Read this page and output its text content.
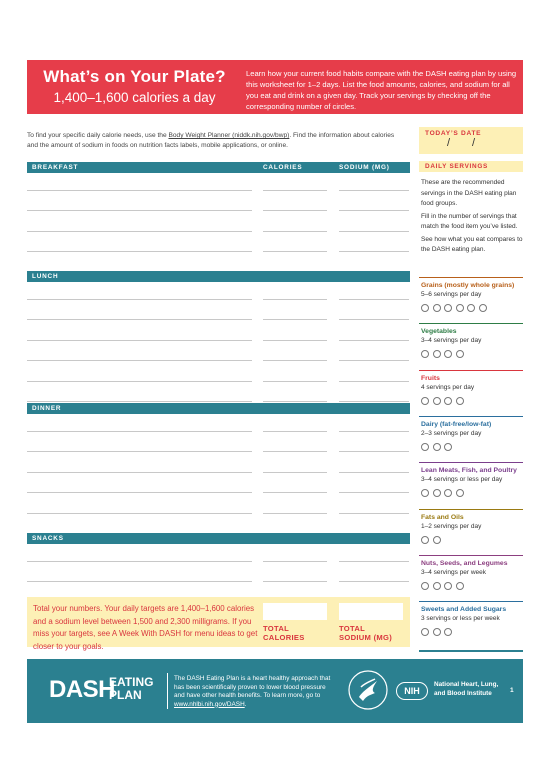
What’s on Your Plate?
1,400–1,600 calories a day
Learn how your current food habits compare with the DASH eating plan by using this worksheet for 1–2 days. List the food amounts, calories, and sodium for all you eat and drink on a given day. Track your servings by checking off the corresponding number of circles.
To find your specific daily calorie needs, use the Body Weight Planner (niddk.nih.gov/bwp). Find the information about calories and the amount of sodium in foods on nutrition facts labels, mobile applications, or online.
TODAY’S DATE
//
BREAKFAST	CALORIES	SODIUM (MG)
LUNCH
DINNER
SNACKS
Total your numbers. Your daily targets are 1,400–1,600 calories and a sodium level between 1,500 and 2,300 milligrams. If you miss your targets, see A Week With DASH for menu ideas to get closer to your goals.
TOTAL
CALORIES
TOTAL
SODIUM (MG)
DAILY SERVINGS

These are the recommended servings in the DASH eating plan food groups.

Fill in the number of servings that match the food item you’ve listed.

See how what you eat compares to the DASH eating plan.

Grains (mostly whole grains)
5–6 servings per day
Vegetables
3–4 servings per day
Fruits
4 servings per day
Dairy (fat-free/low-fat)
2–3 servings per day
Lean Meats, Fish, and Poultry
3–4 servings or less per day
Fats and Oils
1–2 servings per day
Nuts, Seeds, and Legumes
3–4 servings per week
Sweets and Added Sugars
3 servings or less per week
DASH
EATING
PLAN
The DASH Eating Plan is a heart healthy approach that has been scientifically proven to lower blood pressure and have other health benefits. To learn more, go to www.nhlbi.nih.gov/DASH.
NIH
National Heart, Lung,
and Blood Institute	1
